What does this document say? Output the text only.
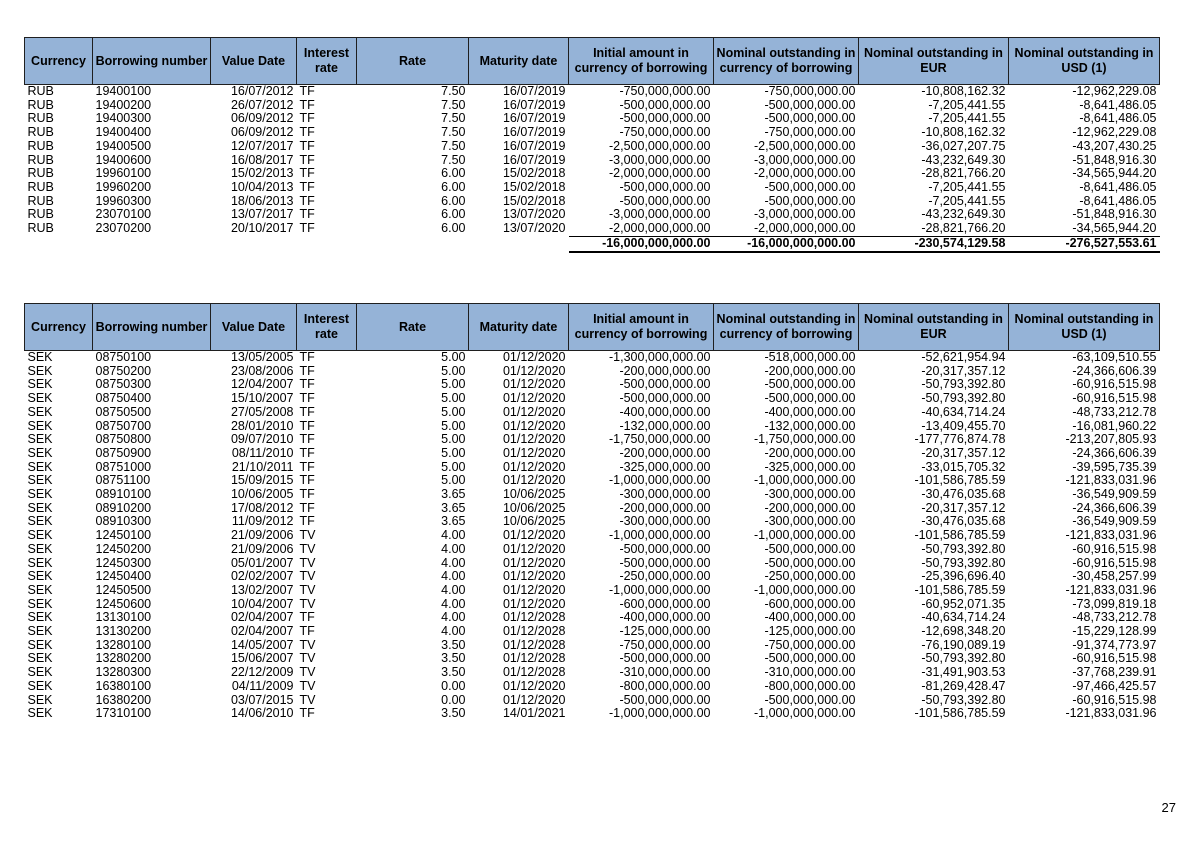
Currency	Borrowing number	Value Date	Interest rate	Rate	Maturity date	Initial amount in currency of borrowing	Nominal outstanding in currency of borrowing	Nominal outstanding in EUR	Nominal outstanding in USD (1)
RUB	19400100	16/07/2012	TF	7.50	16/07/2019	-750,000,000.00	-750,000,000.00	-10,808,162.32	-12,962,229.08
RUB	19400200	26/07/2012	TF	7.50	16/07/2019	-500,000,000.00	-500,000,000.00	-7,205,441.55	-8,641,486.05
RUB	19400300	06/09/2012	TF	7.50	16/07/2019	-500,000,000.00	-500,000,000.00	-7,205,441.55	-8,641,486.05
RUB	19400400	06/09/2012	TF	7.50	16/07/2019	-750,000,000.00	-750,000,000.00	-10,808,162.32	-12,962,229.08
RUB	19400500	12/07/2017	TF	7.50	16/07/2019	-2,500,000,000.00	-2,500,000,000.00	-36,027,207.75	-43,207,430.25
RUB	19400600	16/08/2017	TF	7.50	16/07/2019	-3,000,000,000.00	-3,000,000,000.00	-43,232,649.30	-51,848,916.30
RUB	19960100	15/02/2013	TF	6.00	15/02/2018	-2,000,000,000.00	-2,000,000,000.00	-28,821,766.20	-34,565,944.20
RUB	19960200	10/04/2013	TF	6.00	15/02/2018	-500,000,000.00	-500,000,000.00	-7,205,441.55	-8,641,486.05
RUB	19960300	18/06/2013	TF	6.00	15/02/2018	-500,000,000.00	-500,000,000.00	-7,205,441.55	-8,641,486.05
RUB	23070100	13/07/2017	TF	6.00	13/07/2020	-3,000,000,000.00	-3,000,000,000.00	-43,232,649.30	-51,848,916.30
RUB	23070200	20/10/2017	TF	6.00	13/07/2020	-2,000,000,000.00	-2,000,000,000.00	-28,821,766.20	-34,565,944.20
						-16,000,000,000.00	-16,000,000,000.00	-230,574,129.58	-276,527,553.61
Currency	Borrowing number	Value Date	Interest rate	Rate	Maturity date	Initial amount in currency of borrowing	Nominal outstanding in currency of borrowing	Nominal outstanding in EUR	Nominal outstanding in USD (1)
SEK	08750100	13/05/2005	TF	5.00	01/12/2020	-1,300,000,000.00	-518,000,000.00	-52,621,954.94	-63,109,510.55
SEK	08750200	23/08/2006	TF	5.00	01/12/2020	-200,000,000.00	-200,000,000.00	-20,317,357.12	-24,366,606.39
SEK	08750300	12/04/2007	TF	5.00	01/12/2020	-500,000,000.00	-500,000,000.00	-50,793,392.80	-60,916,515.98
SEK	08750400	15/10/2007	TF	5.00	01/12/2020	-500,000,000.00	-500,000,000.00	-50,793,392.80	-60,916,515.98
SEK	08750500	27/05/2008	TF	5.00	01/12/2020	-400,000,000.00	-400,000,000.00	-40,634,714.24	-48,733,212.78
SEK	08750700	28/01/2010	TF	5.00	01/12/2020	-132,000,000.00	-132,000,000.00	-13,409,455.70	-16,081,960.22
SEK	08750800	09/07/2010	TF	5.00	01/12/2020	-1,750,000,000.00	-1,750,000,000.00	-177,776,874.78	-213,207,805.93
SEK	08750900	08/11/2010	TF	5.00	01/12/2020	-200,000,000.00	-200,000,000.00	-20,317,357.12	-24,366,606.39
SEK	08751000	21/10/2011	TF	5.00	01/12/2020	-325,000,000.00	-325,000,000.00	-33,015,705.32	-39,595,735.39
SEK	08751100	15/09/2015	TF	5.00	01/12/2020	-1,000,000,000.00	-1,000,000,000.00	-101,586,785.59	-121,833,031.96
SEK	08910100	10/06/2005	TF	3.65	10/06/2025	-300,000,000.00	-300,000,000.00	-30,476,035.68	-36,549,909.59
SEK	08910200	17/08/2012	TF	3.65	10/06/2025	-200,000,000.00	-200,000,000.00	-20,317,357.12	-24,366,606.39
SEK	08910300	11/09/2012	TF	3.65	10/06/2025	-300,000,000.00	-300,000,000.00	-30,476,035.68	-36,549,909.59
SEK	12450100	21/09/2006	TV	4.00	01/12/2020	-1,000,000,000.00	-1,000,000,000.00	-101,586,785.59	-121,833,031.96
SEK	12450200	21/09/2006	TV	4.00	01/12/2020	-500,000,000.00	-500,000,000.00	-50,793,392.80	-60,916,515.98
SEK	12450300	05/01/2007	TV	4.00	01/12/2020	-500,000,000.00	-500,000,000.00	-50,793,392.80	-60,916,515.98
SEK	12450400	02/02/2007	TV	4.00	01/12/2020	-250,000,000.00	-250,000,000.00	-25,396,696.40	-30,458,257.99
SEK	12450500	13/02/2007	TV	4.00	01/12/2020	-1,000,000,000.00	-1,000,000,000.00	-101,586,785.59	-121,833,031.96
SEK	12450600	10/04/2007	TV	4.00	01/12/2020	-600,000,000.00	-600,000,000.00	-60,952,071.35	-73,099,819.18
SEK	13130100	02/04/2007	TF	4.00	01/12/2028	-400,000,000.00	-400,000,000.00	-40,634,714.24	-48,733,212.78
SEK	13130200	02/04/2007	TF	4.00	01/12/2028	-125,000,000.00	-125,000,000.00	-12,698,348.20	-15,229,128.99
SEK	13280100	14/05/2007	TV	3.50	01/12/2028	-750,000,000.00	-750,000,000.00	-76,190,089.19	-91,374,773.97
SEK	13280200	15/06/2007	TV	3.50	01/12/2028	-500,000,000.00	-500,000,000.00	-50,793,392.80	-60,916,515.98
SEK	13280300	22/12/2009	TV	3.50	01/12/2028	-310,000,000.00	-310,000,000.00	-31,491,903.53	-37,768,239.91
SEK	16380100	04/11/2009	TV	0.00	01/12/2020	-800,000,000.00	-800,000,000.00	-81,269,428.47	-97,466,425.57
SEK	16380200	03/07/2015	TV	0.00	01/12/2020	-500,000,000.00	-500,000,000.00	-50,793,392.80	-60,916,515.98
SEK	17310100	14/06/2010	TF	3.50	14/01/2021	-1,000,000,000.00	-1,000,000,000.00	-101,586,785.59	-121,833,031.96
27
